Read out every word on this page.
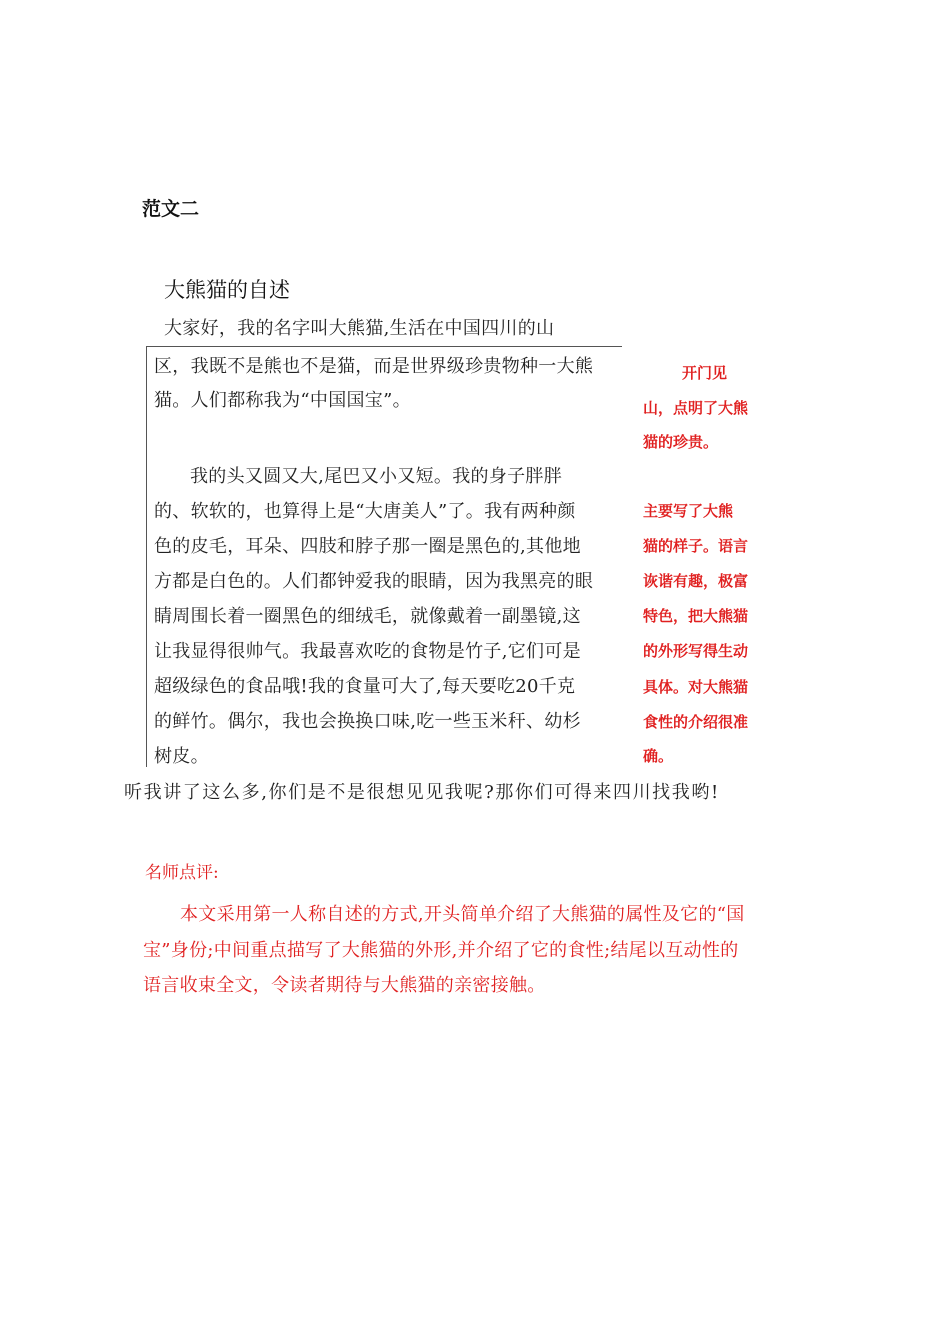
范文二
大熊猫的自述
大家好，我的名字叫大熊猫,生活在中国四川的山
区，我既不是熊也不是猫，而是世界级珍贵物种一大熊
猫。人们都称我为“中国国宝”。
我的头又圆又大,尾巴又小又短。我的身子胖胖
的、软软的，也算得上是“大唐美人”了。我有两种颜
色的皮毛，耳朵、四肢和脖子那一圈是黑色的,其他地
方都是白色的。人们都钟爱我的眼睛，因为我黑亮的眼
睛周围长着一圈黑色的细绒毛，就像戴着一副墨镜,这
让我显得很帅气。我最喜欢吃的食物是竹子,它们可是
超级绿色的食品哦!我的食量可大了,每天要吃20千克
的鲜竹。偶尔，我也会换换口味,吃一些玉米秆、幼杉
树皮。
听我讲了这么多,你们是不是很想见见我呢?那你们可得来四川找我哟!
开门见
山，点明了大熊
猫的珍贵。
主要写了大熊
猫的样子。语言
诙谐有趣，极富
特色，把大熊猫
的外形写得生动
具体。对大熊猫
食性的介绍很准
确。
名师点评:
本文采用第一人称自述的方式,开头简单介绍了大熊猫的属性及它的“国
宝”身份;中间重点描写了大熊猫的外形,并介绍了它的食性;结尾以互动性的
语言收束全文，令读者期待与大熊猫的亲密接触。
